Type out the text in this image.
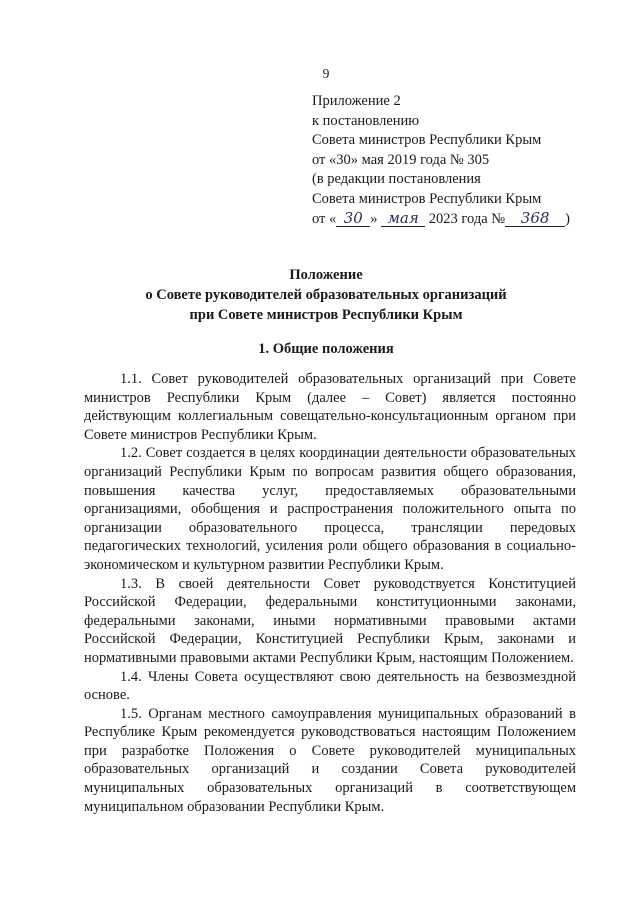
9
Приложение 2
к постановлению
Совета министров Республики Крым
от «30» мая 2019 года № 305
(в редакции постановления
Совета министров Республики Крым
от « 30 » мая 2023 года № 368 )
Положение
о Совете руководителей образовательных организаций
при Совете министров Республики Крым
1. Общие положения

1.1. Совет руководителей образовательных организаций при Совете министров Республики Крым (далее – Совет) является постоянно действующим коллегиальным совещательно-консультационным органом при Совете министров Республики Крым.

1.2. Совет создается в целях координации деятельности образовательных организаций Республики Крым по вопросам развития общего образования, повышения качества услуг, предоставляемых образовательными организациями, обобщения и распространения положительного опыта по организации образовательного процесса, трансляции передовых педагогических технологий, усиления роли общего образования в социально-экономическом и культурном развитии Республики Крым.

1.3. В своей деятельности Совет руководствуется Конституцией Российской Федерации, федеральными конституционными законами, федеральными законами, иными нормативными правовыми актами Российской Федерации, Конституцией Республики Крым, законами и нормативными правовыми актами Республики Крым, настоящим Положением.

1.4. Члены Совета осуществляют свою деятельность на безвозмездной основе.

1.5. Органам местного самоуправления муниципальных образований в Республике Крым рекомендуется руководствоваться настоящим Положением при разработке Положения о Совете руководителей муниципальных образовательных организаций и создании Совета руководителей муниципальных образовательных организаций в соответствующем муниципальном образовании Республики Крым.
